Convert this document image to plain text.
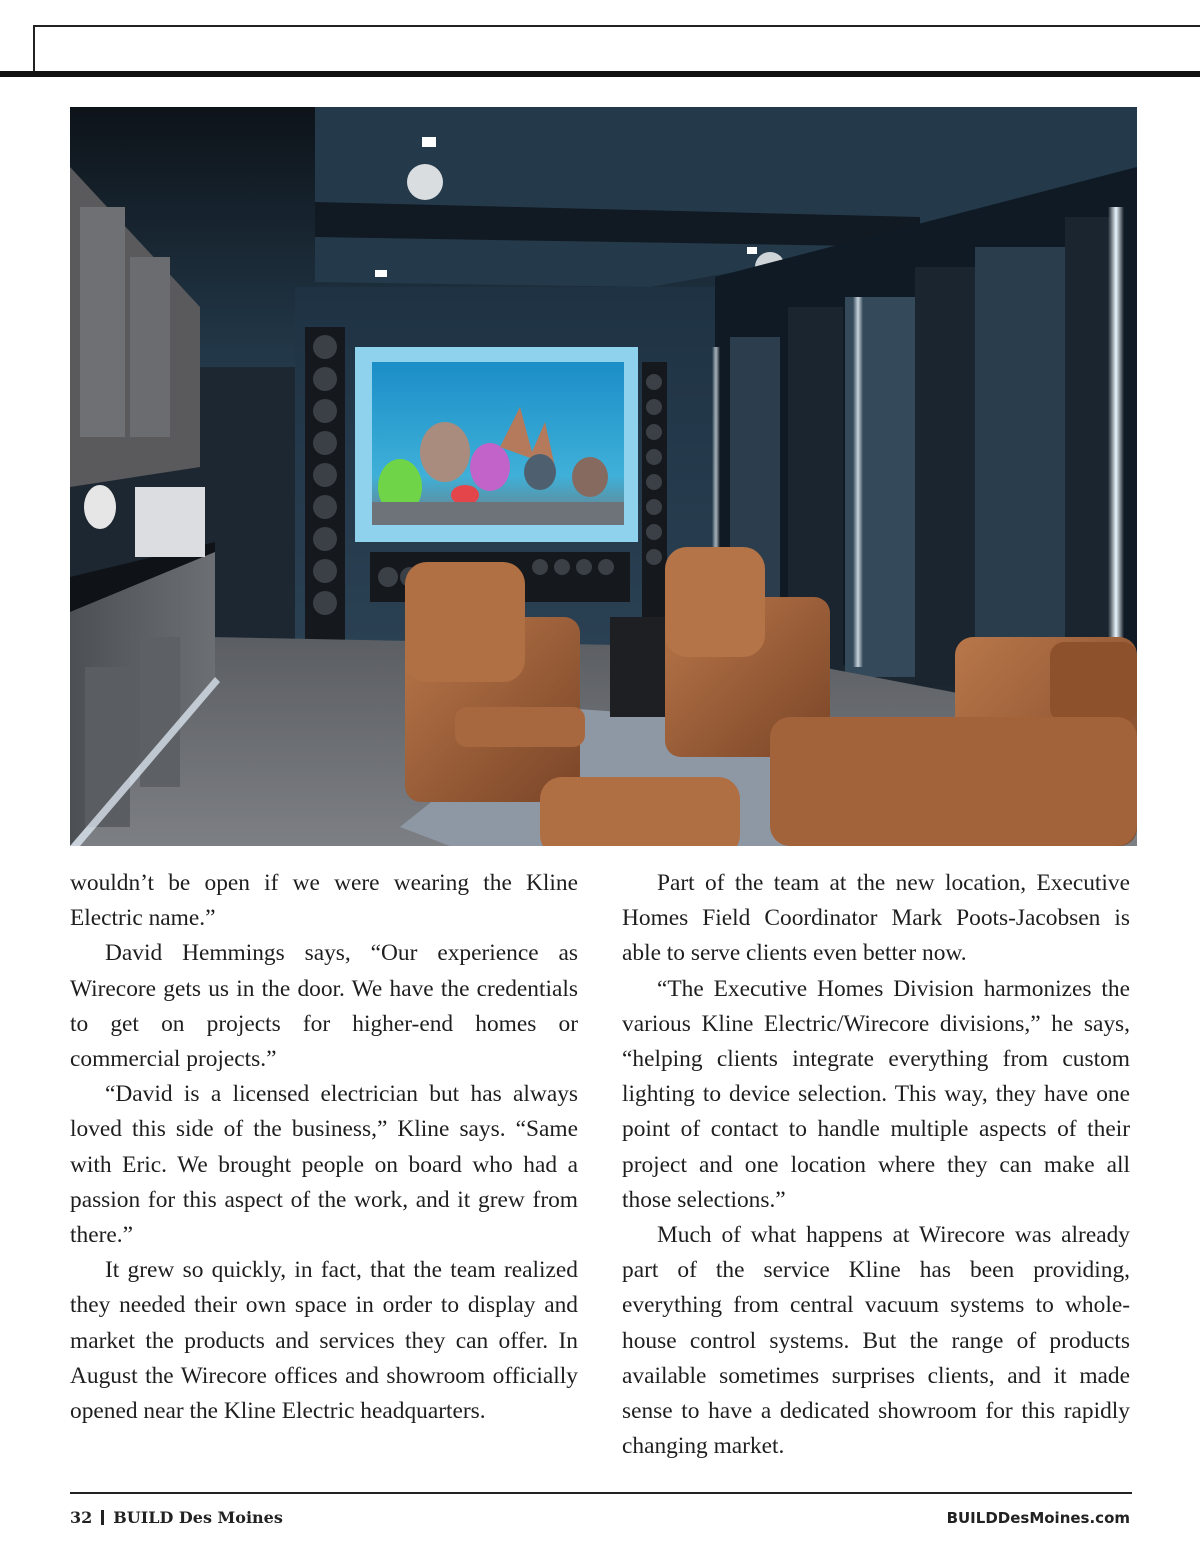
wouldn’t be open if we were wearing the Kline Electric name.”

David Hemmings says, “Our experience as Wirecore gets us in the door. We have the credentials to get on projects for higher-end homes or commercial projects.”

“David is a licensed electrician but has always loved this side of the business,” Kline says. “Same with Eric. We brought people on board who had a passion for this aspect of the work, and it grew from there.”

It grew so quickly, in fact, that the team realized they needed their own space in order to display and market the products and services they can offer. In August the Wirecore offices and showroom officially opened near the Kline Electric headquarters.

Part of the team at the new location, Executive Homes Field Coordinator Mark Poots-Jacobsen is able to serve clients even better now.

“The Executive Homes Division harmonizes the various Kline Electric/Wirecore divisions,” he says, “helping clients integrate everything from custom lighting to device selection. This way, they have one point of contact to handle multiple aspects of their project and one location where they can make all those selections.”

Much of what happens at Wirecore was already part of the service Kline has been providing, everything from central vacuum systems to whole-house control systems. But the range of products available sometimes surprises clients, and it made sense to have a dedicated showroom for this rapidly changing market.

32 BUILD Des Moines	BUILDDesMoines.com
